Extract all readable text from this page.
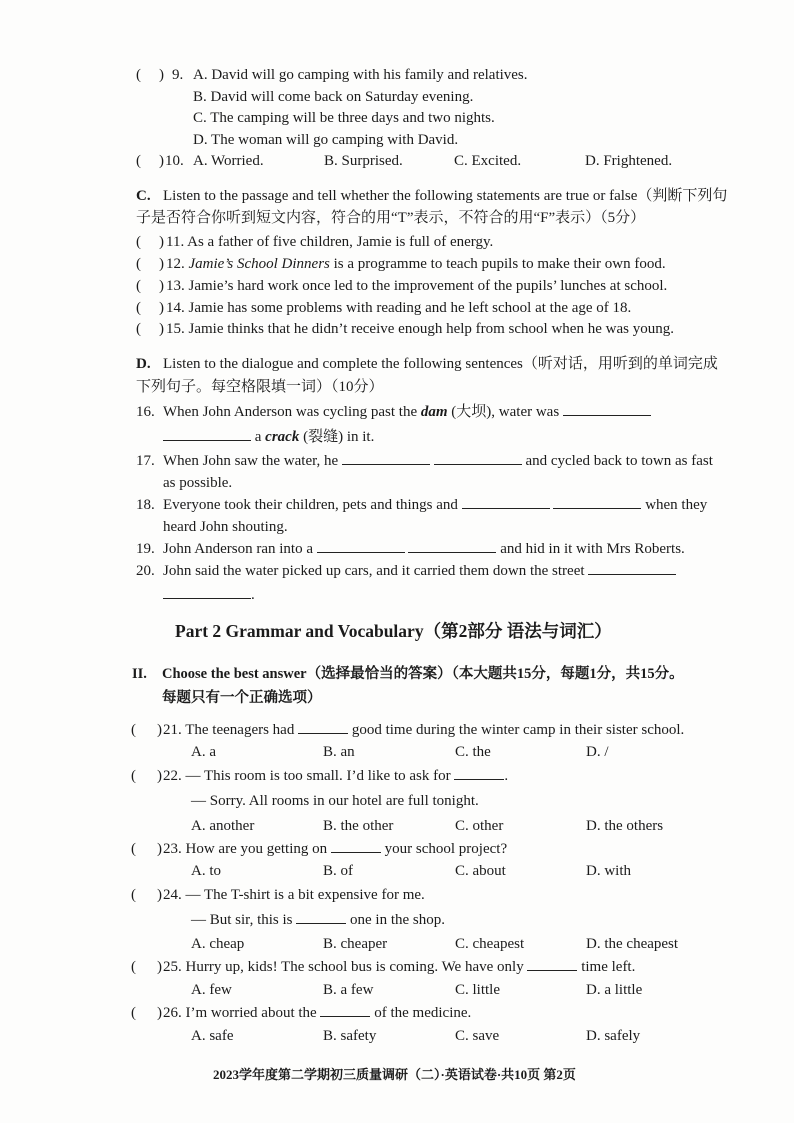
( ) 9. A. David will go camping with his family and relatives.
B. David will come back on Saturday evening.
C. The camping will be three days and two nights.
D. The woman will go camping with David.
( ) 10. A. Worried.	B. Surprised.	C. Excited.	D. Frightened.
C. Listen to the passage and tell whether the following statements are true or false（判断下列句
子是否符合你听到短文内容，符合的用“T”表示，不符合的用“F”表示）（5分）
( ) 11. As a father of five children, Jamie is full of energy.
( ) 12. Jamie’s School Dinners is a programme to teach pupils to make their own food.
( ) 13. Jamie’s hard work once led to the improvement of the pupils’ lunches at school.
( ) 14. Jamie has some problems with reading and he left school at the age of 18.
( ) 15. Jamie thinks that he didn’t receive enough help from school when he was young.
D. Listen to the dialogue and complete the following sentences（听对话，用听到的单词完成
下列句子。每空格限填一词）（10分）
16. When John Anderson was cycling past the dam (大坝), water was
a crack (裂缝) in it.
17. When John saw the water, he	and cycled back to town as fast
as possible.
18. Everyone took their children, pets and things and	when they
heard John shouting.
19. John Anderson ran into a	and hid in it with Mrs Roberts.
20. John said the water picked up cars, and it carried them down the street
.
Part 2 Grammar and Vocabulary（第2部分 语法与词汇）
II. Choose the best answer（选择最恰当的答案）（本大题共15分，每题1分，共15分。
每题只有一个正确选项）
( ) 21. The teenagers had	good time during the winter camp in their sister school.
A. a	B. an	C. the	D. /
( ) 22. — This room is too small. I’d like to ask for	.
— Sorry. All rooms in our hotel are full tonight.
A. another	B. the other	C. other	D. the others
( ) 23. How are you getting on	your school project?
A. to	B. of	C. about	D. with
( ) 24. — The T-shirt is a bit expensive for me.
— But sir, this is	one in the shop.
A. cheap	B. cheaper	C. cheapest	D. the cheapest
( ) 25. Hurry up, kids! The school bus is coming. We have only	time left.
A. few	B. a few	C. little	D. a little
( ) 26. I’m worried about the	of the medicine.
A. safe	B. safety	C. save	D. safely
2023学年度第二学期初三质量调研（二）·英语试卷·共10页 第2页
